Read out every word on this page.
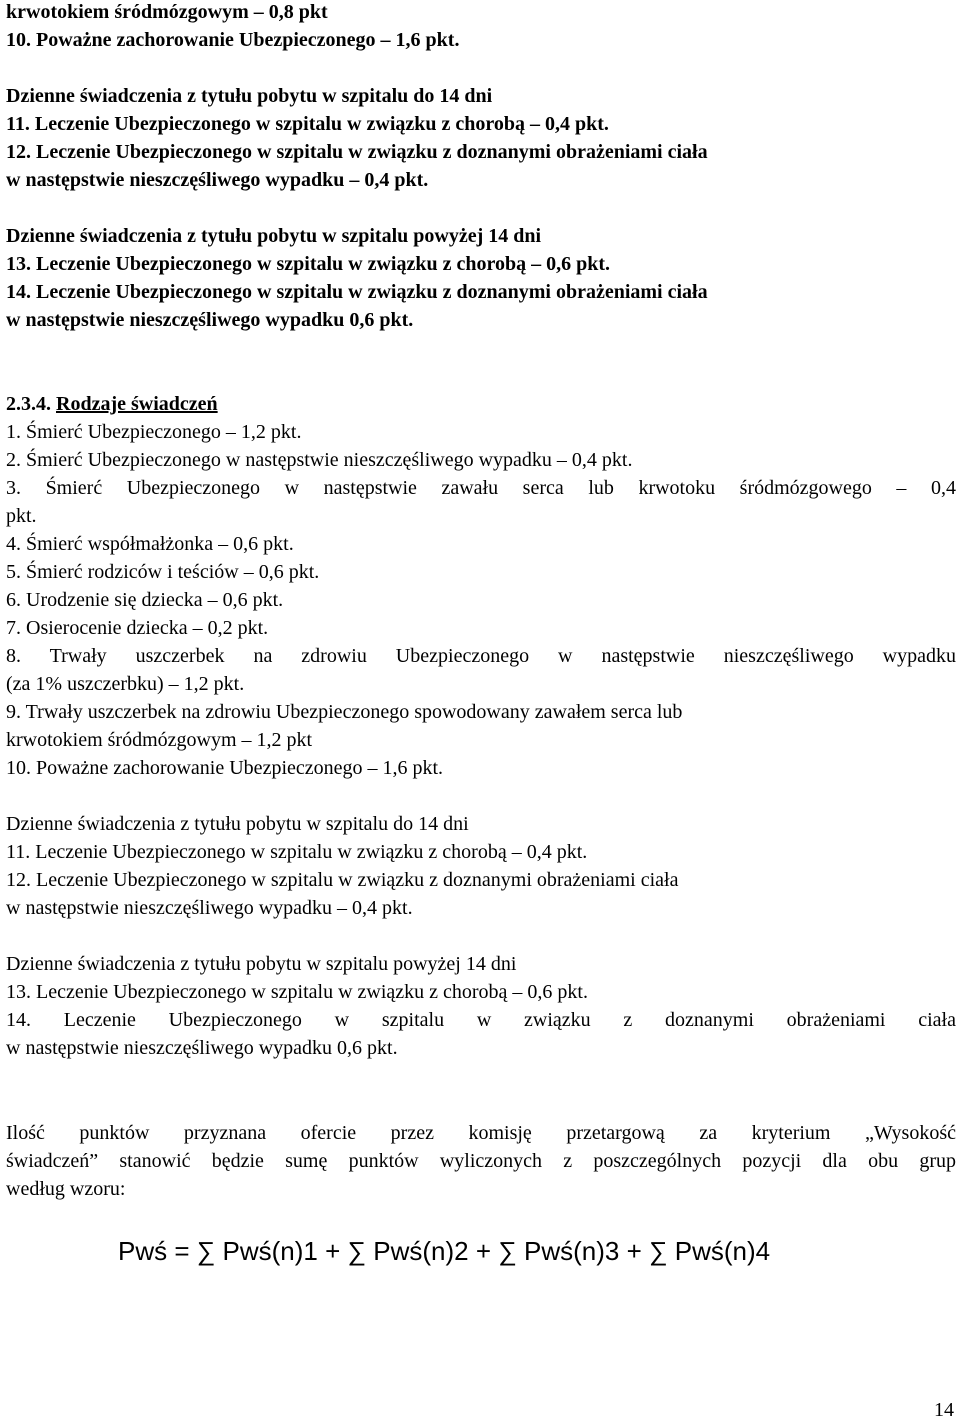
krwotokiem śródmózgowym – 0,8 pkt
10. Poważne zachorowanie Ubezpieczonego – 1,6 pkt.
Dzienne świadczenia z tytułu pobytu w szpitalu do 14 dni
11. Leczenie Ubezpieczonego w szpitalu w związku z chorobą – 0,4 pkt.
12. Leczenie Ubezpieczonego w szpitalu w związku z doznanymi obrażeniami ciała
w następstwie nieszczęśliwego wypadku – 0,4 pkt.
Dzienne świadczenia z tytułu pobytu w szpitalu powyżej 14 dni
13. Leczenie Ubezpieczonego w szpitalu w związku z chorobą – 0,6 pkt.
14. Leczenie Ubezpieczonego w szpitalu w związku z doznanymi obrażeniami ciała
w następstwie nieszczęśliwego wypadku 0,6 pkt.
2.3.4. Rodzaje świadczeń
1. Śmierć Ubezpieczonego – 1,2 pkt.
2. Śmierć Ubezpieczonego w następstwie nieszczęśliwego wypadku – 0,4 pkt.
3. Śmierć Ubezpieczonego w następstwie zawału serca lub krwotoku śródmózgowego – 0,4
pkt.
4. Śmierć współmałżonka – 0,6 pkt.
5. Śmierć rodziców i teściów – 0,6 pkt.
6. Urodzenie się dziecka – 0,6 pkt.
7. Osierocenie dziecka – 0,2 pkt.
8. Trwały uszczerbek na zdrowiu Ubezpieczonego w następstwie nieszczęśliwego wypadku
(za 1% uszczerbku) – 1,2 pkt.
9. Trwały uszczerbek na zdrowiu Ubezpieczonego spowodowany zawałem serca lub
krwotokiem śródmózgowym – 1,2 pkt
10. Poważne zachorowanie Ubezpieczonego – 1,6 pkt.
Dzienne świadczenia z tytułu pobytu w szpitalu do 14 dni
11. Leczenie Ubezpieczonego w szpitalu w związku z chorobą – 0,4 pkt.
12. Leczenie Ubezpieczonego w szpitalu w związku z doznanymi obrażeniami ciała
w następstwie nieszczęśliwego wypadku – 0,4 pkt.
Dzienne świadczenia z tytułu pobytu w szpitalu powyżej 14 dni
13. Leczenie Ubezpieczonego w szpitalu w związku z chorobą – 0,6 pkt.
14. Leczenie Ubezpieczonego w szpitalu w związku z doznanymi obrażeniami ciała
w następstwie nieszczęśliwego wypadku 0,6 pkt.
Ilość punktów przyznana ofercie przez komisję przetargową za kryterium „Wysokość
świadczeń” stanowić będzie sumę punktów wyliczonych z poszczególnych pozycji dla obu grup
według wzoru:
Pwś = ∑ Pwś(n)1 + ∑ Pwś(n)2 + ∑ Pwś(n)3 + ∑ Pwś(n)4
14
